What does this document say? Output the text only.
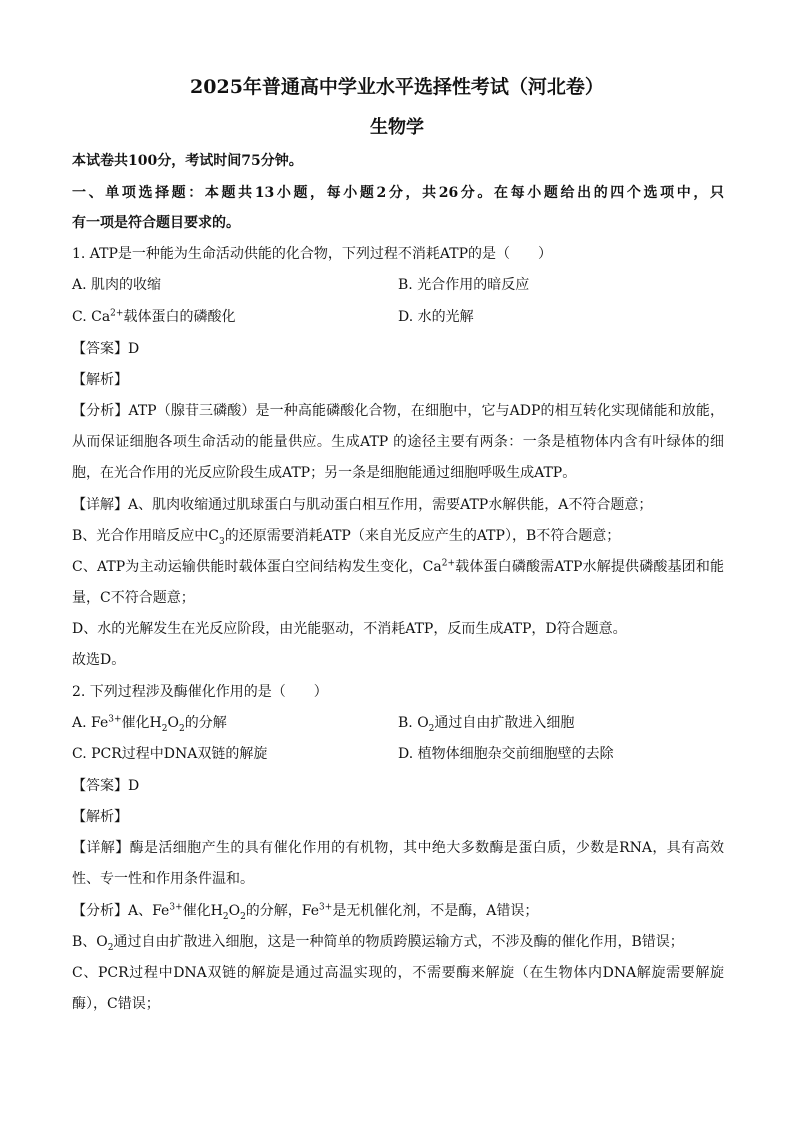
2025年普通高中学业水平选择性考试（河北卷）
生物学
本试卷共100分，考试时间75分钟。
一、单项选择题：本题共13小题，每小题2分，共26分。在每小题给出的四个选项中，只
有一项是符合题目要求的。
1. ATP是一种能为生命活动供能的化合物，下列过程不消耗ATP的是（　　）
A. 肌肉的收缩	B. 光合作用的暗反应
C. $Ca^{2+}$载体蛋白的磷酸化	D. 水的光解
【答案】D
【解析】
【分析】ATP（腺苷三磷酸）是一种高能磷酸化合物，在细胞中，它与ADP的相互转化实现储能和放能，
从而保证细胞各项生命活动的能量供应。生成ATP 的途径主要有两条：一条是植物体内含有叶绿体的细
胞，在光合作用的光反应阶段生成ATP；另一条是细胞能通过细胞呼吸生成ATP。
【详解】A、肌肉收缩通过肌球蛋白与肌动蛋白相互作用，需要ATP水解供能，A不符合题意；
B、光合作用暗反应中$C_3$的还原需要消耗ATP（来自光反应产生的ATP），B不符合题意；
C、ATP为主动运输供能时载体蛋白空间结构发生变化，$Ca^{2+}$载体蛋白磷酸需ATP水解提供磷酸基团和能
量，C不符合题意；
D、水的光解发生在光反应阶段，由光能驱动，不消耗ATP，反而生成ATP，D符合题意。
故选D。
2. 下列过程涉及酶催化作用的是（　　）
A. $Fe^{3+}$催化$H_2O_2$的分解	B. $O_2$通过自由扩散进入细胞
C. PCR过程中DNA双链的解旋	D. 植物体细胞杂交前细胞壁的去除
【答案】D
【解析】
【详解】酶是活细胞产生的具有催化作用的有机物，其中绝大多数酶是蛋白质，少数是RNA，具有高效
性、专一性和作用条件温和。
【分析】A、$Fe^{3+}$催化$H_2O_2$的分解，$Fe^{3+}$是无机催化剂，不是酶，A错误；
B、$O_2$通过自由扩散进入细胞，这是一种简单的物质跨膜运输方式，不涉及酶的催化作用，B错误；
C、PCR过程中DNA双链的解旋是通过高温实现的，不需要酶来解旋（在生物体内DNA解旋需要解旋
酶），C错误；
